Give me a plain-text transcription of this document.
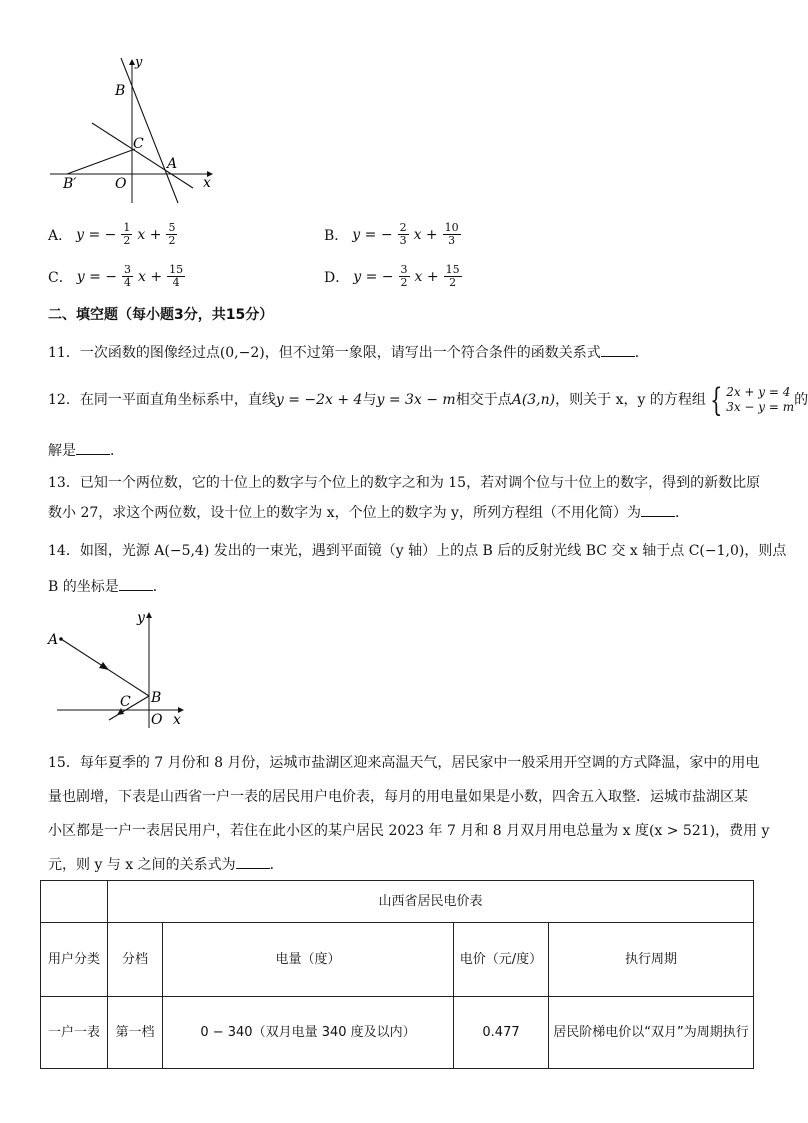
y
B
C
A
B′	O	x
A． y = − $\frac{1}{2}$ $x + \frac{5}{2}$	B． y = − $\frac{2}{3}$ $x + \frac{10}{3}$
C． y = − $\frac{3}{4}$ $x + \frac{15}{4}$	D． y = − $\frac{3}{2}$ $x + \frac{15}{2}$
二、填空题（每小题3分，共15分）
11．一次函数的图像经过点(0,−2)，但不过第一象限，请写出一个符合条件的函数关系式 ．
12．在同一平面直角坐标系中，直线y = −2x + 4与y = 3x − m相交于点A(3,n)，则关于 x，y 的方程组 { 2x + y = 4
3x − y = m 的
解是 ．
13．已知一个两位数，它的十位上的数字与个位上的数字之和为 15，若对调个位与十位上的数字，得到的新数比原
数小 27，求这个两位数，设十位上的数字为 x，个位上的数字为 y，所列方程组（不用化简）为 ．
14．如图，光源 A(−5,4) 发出的一束光，遇到平面镜（y 轴）上的点 B 后的反射光线 BC 交 x 轴于点 C(−1,0)，则点
B 的坐标是 ．
y
A
B
C
O x
15．每年夏季的 7 月份和 8 月份，运城市盐湖区迎来高温天气，居民家中一般采用开空调的方式降温，家中的用电
量也剧增，下表是山西省一户一表的居民用户电价表，每月的用电量如果是小数，四舍五入取整．运城市盐湖区某
小区都是一户一表居民用户，若住在此小区的某户居民 2023 年 7 月和 8 月双月用电总量为 x 度(x > 521)，费用 y
元，则 y 与 x 之间的关系式为 ．
	山西省居民电价表			
用户分类	分档	电量（度）	电价（元/度）	执行周期
一户一表	第一档	0 − 340（双月电量 340 度及以内）	0.477	居民阶梯电价以“双月”为周期执行
